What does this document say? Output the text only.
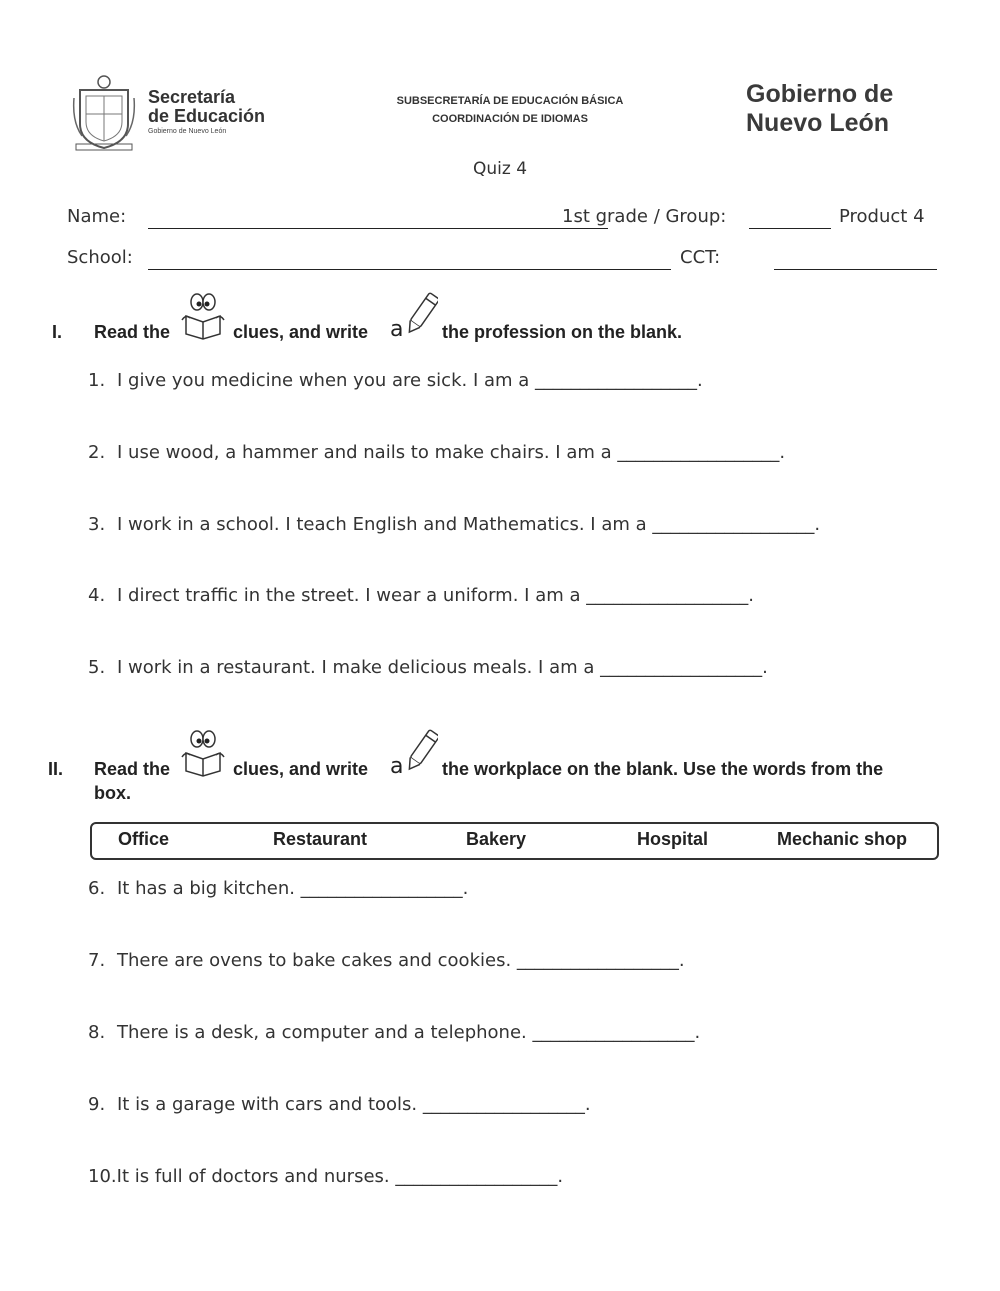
Secretaría
de Educación
Gobierno de Nuevo León
SUBSECRETARÍA DE EDUCACIÓN BÁSICA
COORDINACIÓN DE IDIOMAS
Gobierno de
Nuevo León
Quiz 4
Name:	1st grade / Group:	Product 4
School:	CCT:
I. Read the	clues, and write a the profession on the blank.
1. I give you medicine when you are sick. I am a __________________.
2. I use wood, a hammer and nails to make chairs. I am a __________________.
3. I work in a school. I teach English and Mathematics. I am a __________________.
4. I direct traffic in the street. I wear a uniform. I am a __________________.
5. I work in a restaurant. I make delicious meals. I am a __________________.
II. Read the	clues, and write a the workplace on the blank. Use the words from the
box.
Office	Restaurant	Bakery	Hospital	Mechanic shop
6. It has a big kitchen. __________________.
7. There are ovens to bake cakes and cookies. __________________.
8. There is a desk, a computer and a telephone. __________________.
9. It is a garage with cars and tools. __________________.
10.It is full of doctors and nurses. __________________.
